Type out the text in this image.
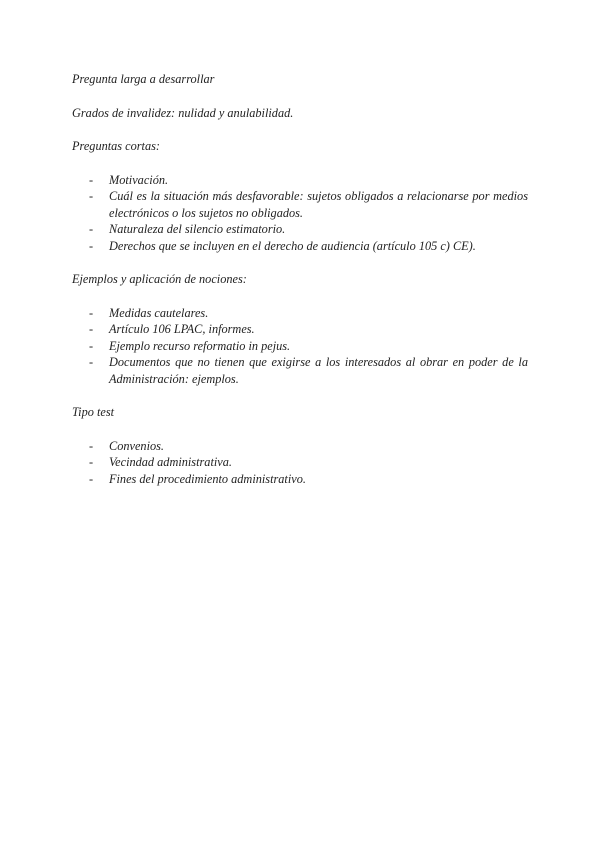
Pregunta larga a desarrollar

Grados de invalidez: nulidad y anulabilidad.

Preguntas cortas:

- Motivación.
- Cuál es la situación más desfavorable: sujetos obligados a relacionarse por medios electrónicos o los sujetos no obligados.
- Naturaleza del silencio estimatorio.
- Derechos que se incluyen en el derecho de audiencia (artículo 105 c) CE).

Ejemplos y aplicación de nociones:

- Medidas cautelares.
- Artículo 106 LPAC, informes.
- Ejemplo recurso reformatio in pejus.
- Documentos que no tienen que exigirse a los interesados al obrar en poder de la Administración: ejemplos.

Tipo test

- Convenios.
- Vecindad administrativa.
- Fines del procedimiento administrativo.
